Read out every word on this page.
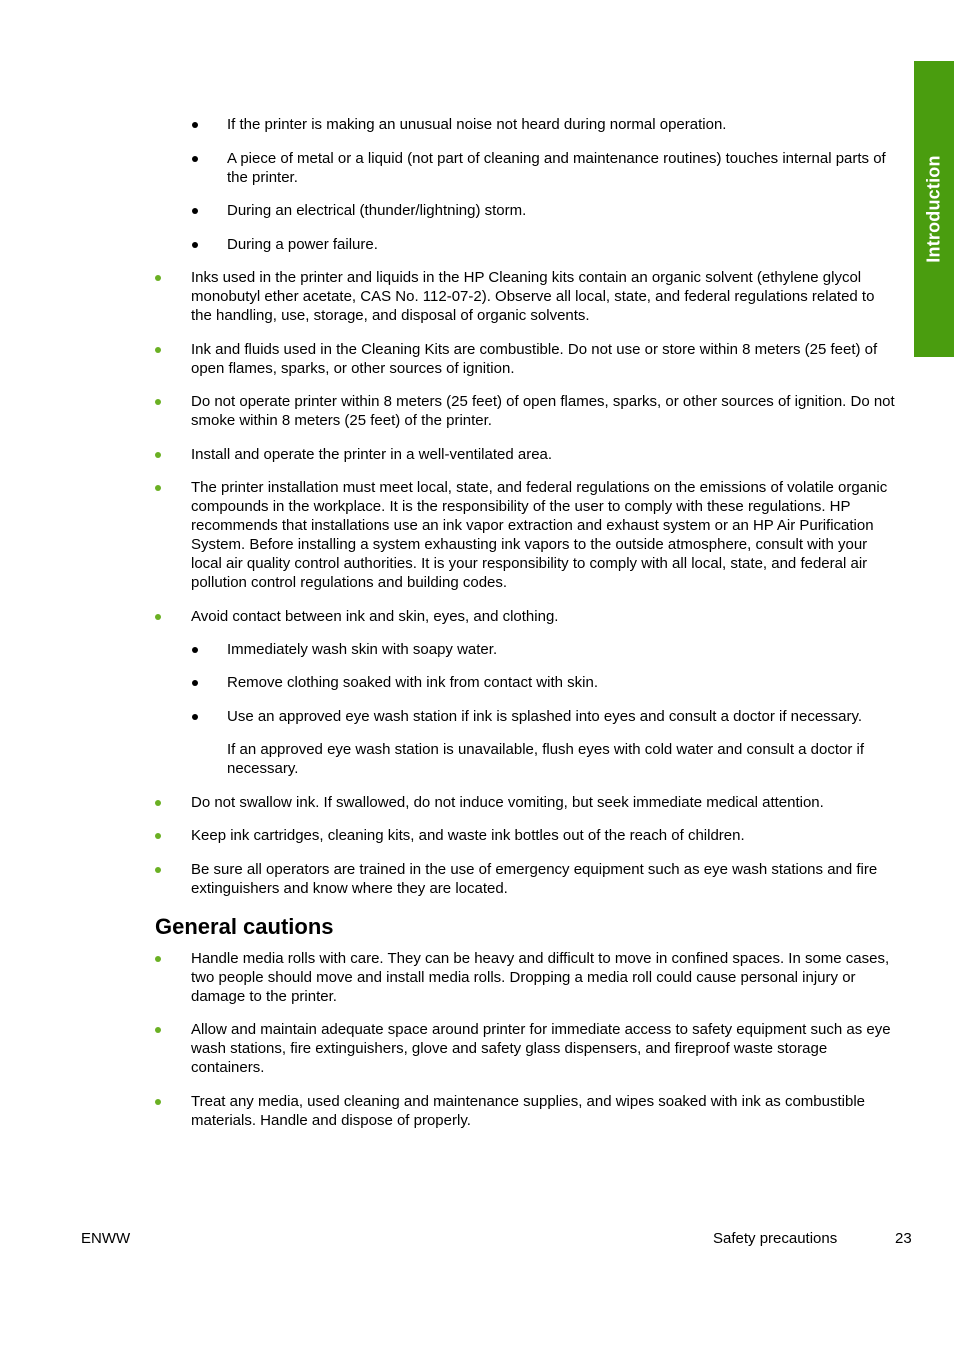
Introduction
If the printer is making an unusual noise not heard during normal operation.
A piece of metal or a liquid (not part of cleaning and maintenance routines) touches internal parts of the printer.
During an electrical (thunder/lightning) storm.
During a power failure.
Inks used in the printer and liquids in the HP Cleaning kits contain an organic solvent (ethylene glycol monobutyl ether acetate, CAS No. 112-07-2). Observe all local, state, and federal regulations related to the handling, use, storage, and disposal of organic solvents.
Ink and fluids used in the Cleaning Kits are combustible. Do not use or store within 8 meters (25 feet) of open flames, sparks, or other sources of ignition.
Do not operate printer within 8 meters (25 feet) of open flames, sparks, or other sources of ignition. Do not smoke within 8 meters (25 feet) of the printer.
Install and operate the printer in a well-ventilated area.
The printer installation must meet local, state, and federal regulations on the emissions of volatile organic compounds in the workplace. It is the responsibility of the user to comply with these regulations. HP recommends that installations use an ink vapor extraction and exhaust system or an HP Air Purification System. Before installing a system exhausting ink vapors to the outside atmosphere, consult with your local air quality control authorities. It is your responsibility to comply with all local, state, and federal air pollution control regulations and building codes.
Avoid contact between ink and skin, eyes, and clothing.
Immediately wash skin with soapy water.
Remove clothing soaked with ink from contact with skin.
Use an approved eye wash station if ink is splashed into eyes and consult a doctor if necessary.
If an approved eye wash station is unavailable, flush eyes with cold water and consult a doctor if necessary.
Do not swallow ink. If swallowed, do not induce vomiting, but seek immediate medical attention.
Keep ink cartridges, cleaning kits, and waste ink bottles out of the reach of children.
Be sure all operators are trained in the use of emergency equipment such as eye wash stations and fire extinguishers and know where they are located.
General cautions
Handle media rolls with care. They can be heavy and difficult to move in confined spaces. In some cases, two people should move and install media rolls. Dropping a media roll could cause personal injury or damage to the printer.
Allow and maintain adequate space around printer for immediate access to safety equipment such as eye wash stations, fire extinguishers, glove and safety glass dispensers, and fireproof waste storage containers.
Treat any media, used cleaning and maintenance supplies, and wipes soaked with ink as combustible materials. Handle and dispose of properly.
ENWW	Safety precautions	23
